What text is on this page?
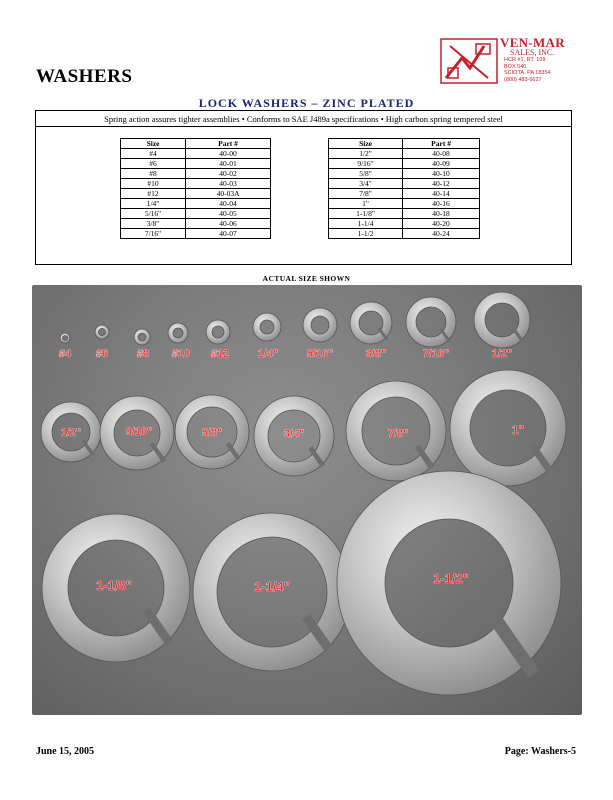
WASHERS
VEN-MAR
SALES, INC.
HCR #1, RT. 109
BOX 540
SCIOTA, PA 18354
(800) 483-6627
LOCK WASHERS – ZINC PLATED
Spring action assures tighter assemblies • Conforms to SAE J489a specifications • High carbon spring tempered steel
Size	Part #
#4	40-00
#6	40-01
#8	40-02
#10	40-03
#12	40-03A
1/4"	40-04
5/16"	40-05
3/8"	40-06
7/16"	40-07
Size	Part #
1/2"	40-08
9/16"	40-09
5/8"	40-10
3/4"	40-12
7/8"	40-14
1"	40-16
1-1/8"	40-18
1-1/4	40-20
1-1/2	40-24
ACTUAL SIZE SHOWN
#4 #6	#8 #10 #12	1/4"	5/16"	3/8"	7/16"	1/2"
1/2"	9/16"	5/8"	3/4"	7/8"	1"
1-1/8"	1-1/4"
1-1/2"
June 15, 2005	Page: Washers-5
